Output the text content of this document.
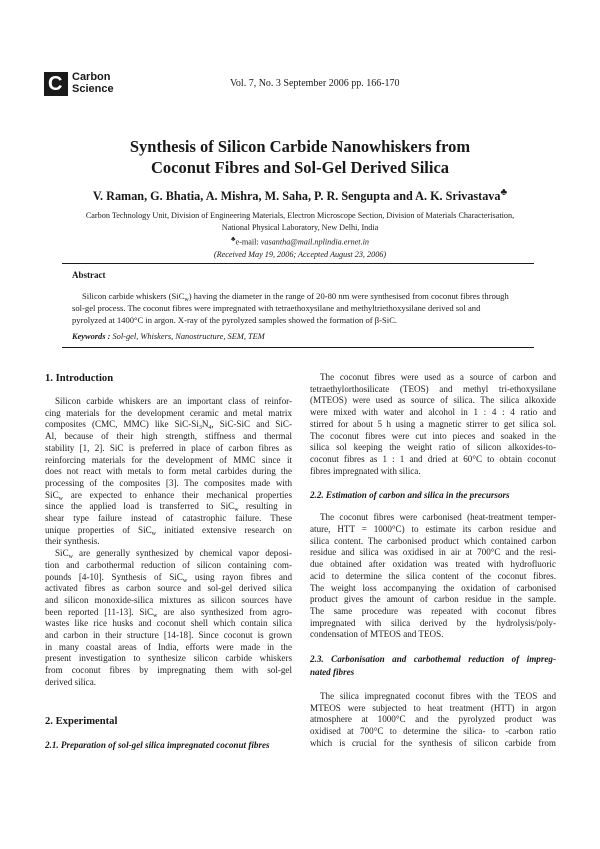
C Carbon
Science	Vol. 7, No. 3 September 2006 pp. 166-170
Synthesis of Silicon Carbide Nanowhiskers from
Coconut Fibres and Sol-Gel Derived Silica
V. Raman, G. Bhatia, A. Mishra, M. Saha, P. R. Sengupta and A. K. Srivastava♣
Carbon Technology Unit, Division of Engineering Materials, Electron Microscope Section, Division of Materials Characterisation,
National Physical Laboratory, New Delhi, India
♣e-mail: vasantha@mail.nplindia.ernet.in
(Received May 19, 2006; Accepted August 23, 2006)
Abstract
Silicon carbide whiskers (SiC$_w$) having the diameter in the range of 20-80 nm were synthesised from coconut fibres through
sol-gel process. The coconut fibres were impregnated with tetraethoxysilane and methyltriethoxysilane derived sol and
pyrolyzed at 1400°C in argon. X-ray of the pyrolyzed samples showed the formation of β-SiC.
Keywords : Sol-gel, Whiskers, Nanostructure, SEM, TEM
1. Introduction
Silicon carbide whiskers are an important class of reinfor-
cing materials for the development ceramic and metal matrix
composites (CMC, MMC) like SiC-$Si_3N_4$, SiC-SiC and SiC-
Al, because of their high strength, stiffness and thermal
stability [1, 2]. SiC is preferred in place of carbon fibres as
reinforcing materials for the development of MMC since it
does not react with metals to form metal carbides during the
processing of the composites [3]. The composites made with
SiC$_w$ are expected to enhance their mechanical properties
since the applied load is transferred to SiC$_w$ resulting in
shear type failure instead of catastrophic failure. These
unique properties of SiC$_w$ initiated extensive research on
their synthesis.
SiC$_w$ are generally synthesized by chemical vapor deposi-
tion and carbothermal reduction of silicon containing com-
pounds [4-10]. Synthesis of SiC$_w$ using rayon fibres and
activated fibres as carbon source and sol-gel derived silica
and silicon monoxide-silica mixtures as silicon sources have
been reported [11-13]. SiC$_w$ are also synthesized from agro-
wastes like rice husks and coconut shell which contain silica
and carbon in their structure [14-18]. Since coconut is grown
in many coastal areas of India, efforts were made in the
present investigation to synthesize silicon carbide whiskers
from coconut fibres by impregnating them with sol-gel
derived silica.
2. Experimental
2.1. Preparation of sol-gel silica impregnated coconut fibres
The coconut fibres were used as a source of carbon and
tetraethylorthosilicate (TEOS) and methyl tri-ethoxysilane
(MTEOS) were used as source of silica. The silica alkoxide
were mixed with water and alcohol in 1 : 4 : 4 ratio and
stirred for about 5 h using a magnetic stirrer to get silica sol.
The coconut fibres were cut into pieces and soaked in the
silica sol keeping the weight ratio of silicon alkoxides-to-
coconut fibres as 1 : 1 and dried at 60°C to obtain coconut
fibres impregnated with silica.
2.2. Estimation of carbon and silica in the precursors
The coconut fibres were carbonised (heat-treatment temper-
ature, HTT = 1000°C) to estimate its carbon residue and
silica content. The carbonised product which contained carbon
residue and silica was oxidised in air at 700°C and the resi-
due obtained after oxidation was treated with hydrofluoric
acid to determine the silica content of the coconut fibres.
The weight loss accompanying the oxidation of carbonised
product gives the amount of carbon residue in the sample.
The same procedure was repeated with coconut fibres
impregnated with silica derived by the hydrolysis/poly-
condensation of MTEOS and TEOS.
2.3. Carbonisation and carbothemal reduction of impreg-
nated fibres
The silica impregnated coconut fibres with the TEOS and
MTEOS were subjected to heat treatment (HTT) in argon
atmosphere at 1000°C and the pyrolyzed product was
oxidised at 700°C to determine the silica- to -carbon ratio
which is crucial for the synthesis of silicon carbide from
